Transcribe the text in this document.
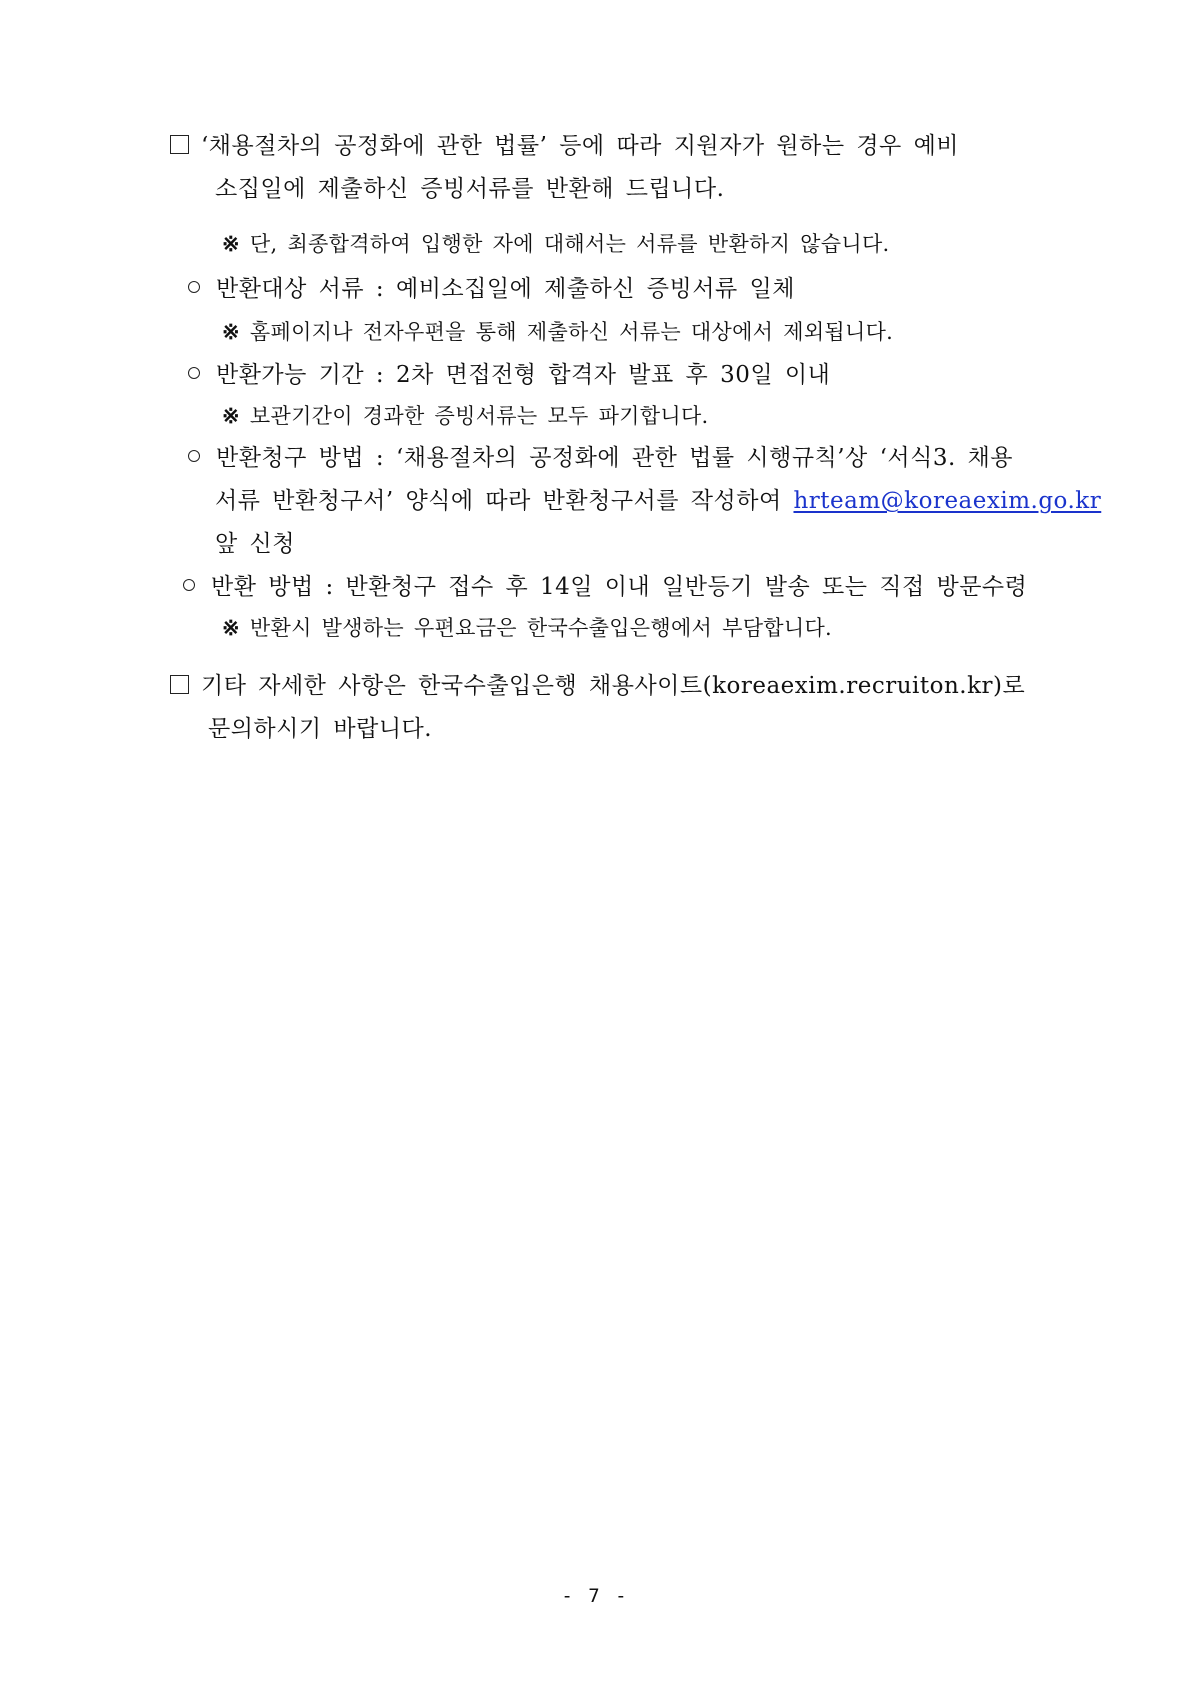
‘채용절차의 공정화에 관한 법률’ 등에 따라 지원자가 원하는 경우 예비
소집일에 제출하신 증빙서류를 반환해 드립니다.
※ 단, 최종합격하여 입행한 자에 대해서는 서류를 반환하지 않습니다.
반환대상 서류 : 예비소집일에 제출하신 증빙서류 일체
※ 홈페이지나 전자우편을 통해 제출하신 서류는 대상에서 제외됩니다.
반환가능 기간 : 2차 면접전형 합격자 발표 후 30일 이내
※ 보관기간이 경과한 증빙서류는 모두 파기합니다.
반환청구 방법 : ‘채용절차의 공정화에 관한 법률 시행규칙’상 ‘서식3. 채용
서류 반환청구서’ 양식에 따라 반환청구서를 작성하여 hrteam@koreaexim.go.kr
앞 신청
반환 방법 : 반환청구 접수 후 14일 이내 일반등기 발송 또는 직접 방문수령
※ 반환시 발생하는 우편요금은 한국수출입은행에서 부담합니다.
기타 자세한 사항은 한국수출입은행 채용사이트(koreaexim.recruiton.kr)로
문의하시기 바랍니다.
- 7 -
